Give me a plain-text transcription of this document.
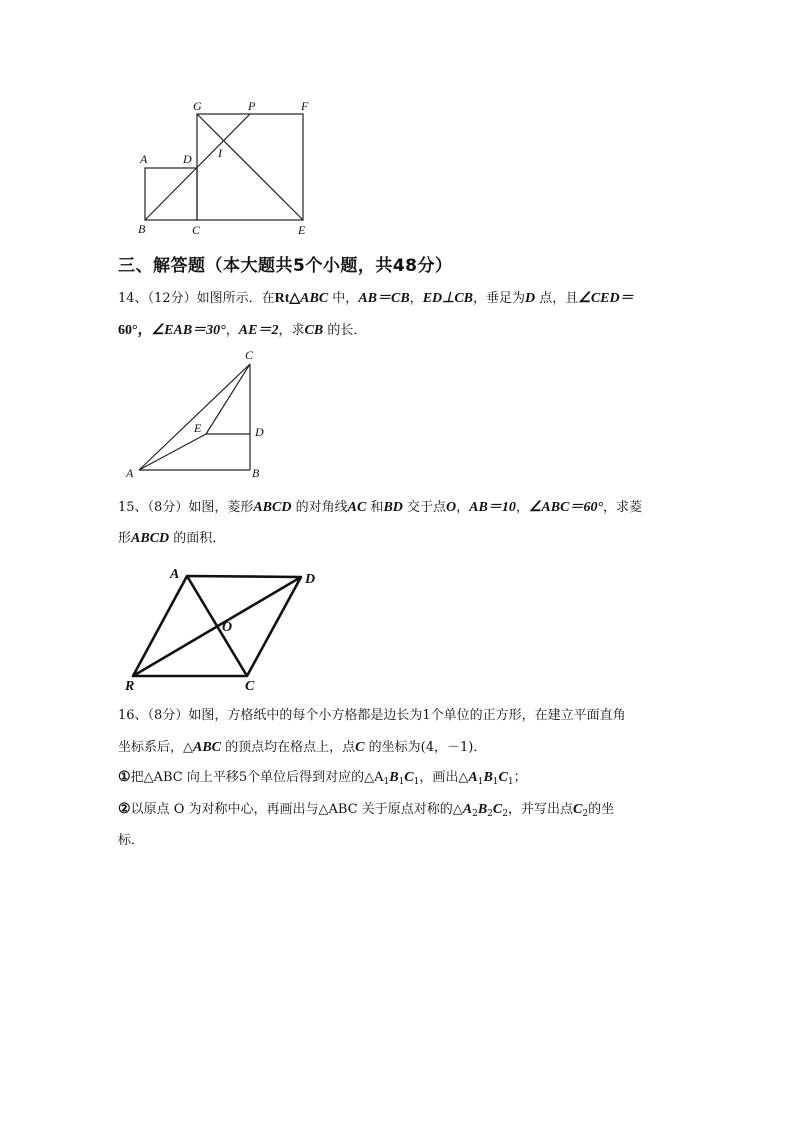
G	P	F
A	D I
B	C	E
三、解答题（本大题共5个小题，共48分）
14、（12分）如图所示．在Rt△ABC 中，AB＝CB，ED⊥CB，垂足为D 点，且∠CED＝
60°，∠EAB＝30°，AE＝2，求CB 的长．
C
E	D
A	B
15、（8分）如图，菱形ABCD 的对角线AC 和BD 交于点O，AB＝10，∠ABC＝60°，求菱
形ABCD 的面积．
A	D
O
R	C
16、（8分）如图，方格纸中的每个小方格都是边长为1个单位的正方形，在建立平面直角
坐标系后，△ABC 的顶点均在格点上，点C 的坐标为(4，－1)．
①把△ABC 向上平移5个单位后得到对应的$\triangle A_1B_1C_1$，画出$\triangle A_1B_1C_1$；
②以原点 O 为对称中心，再画出与△ABC 关于原点对称的$\triangle A_2B_2C_2$，并写出点$C_2$的坐
标．
